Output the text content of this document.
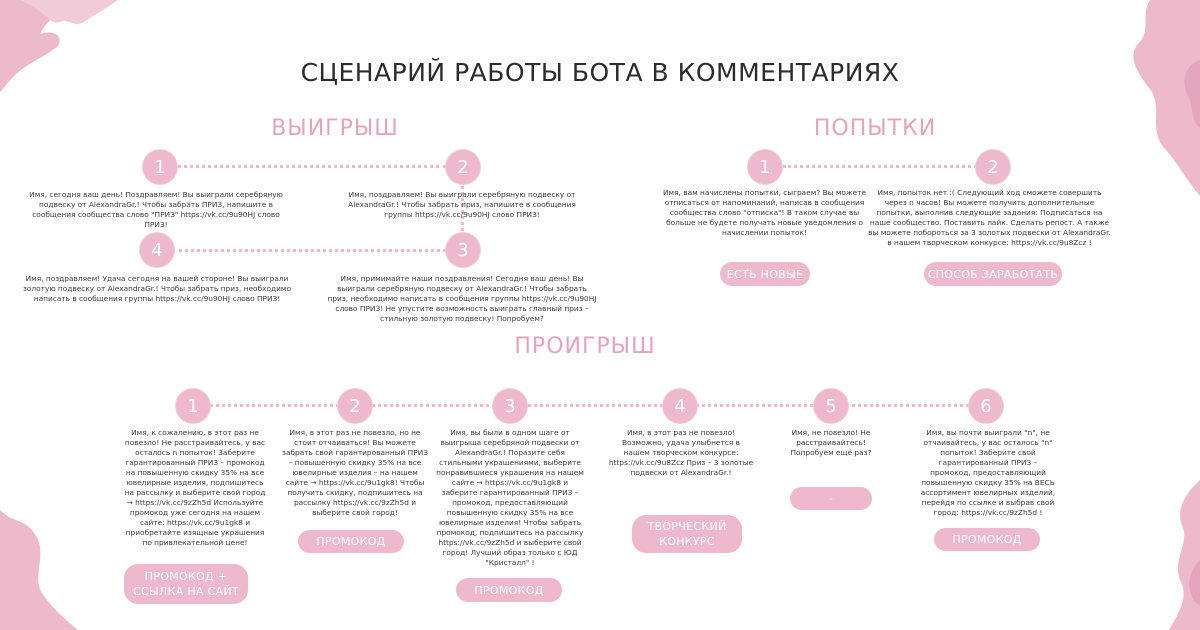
СЦЕНАРИЙ РАБОТЫ БОТА В КОММЕНТАРИЯХ
ВЫИГРЫШ
1	2
3
4
Имя, сегодня ваш день! Поздравляем! Вы выиграли серебряную подвеску от AlexandraGr.! Чтобы забрать ПРИЗ, напишите в сообщения сообщества слово "ПРИЗ" https://vk.cc/9u90HJ слово ПРИЗ!
Имя, поздравляем! Вы выиграли серебряную подвеску от AlexandraGr.! Чтобы забрать приз, напишите в сообщения группы https://vk.cc/9u90HJ слово ПРИЗ!
Имя, поздравляем! Удача сегодня на вашей стороне! Вы выиграли золотую подвеску от AlexandraGr.! Чтобы забрать приз, необходимо написать в сообщения группы https://vk.cc/9u90HJ слово ПРИЗ!
Имя, примимайте наши поздравления! Сегодня ваш день! Вы выиграли серебряную подвеску от AlexandraGr.! Чтобы забрать приз, необходимо написать в сообщения группы https://vk.cc/9u90HJ слово ПРИЗ! Не упустите возможность выиграть главный приз – стильную золотую подвеску! Попробуем?
ПОПЫТКИ
1	2
Имя, вам начислены попытки, сыграем? Вы можете отписаться от напоминаний, написав в сообщения сообщества слово "отписка"! В таком случае вы больше не будете получать новые уведомления о начислении попыток!
Имя, попыток нет :( Следующий ход сможете совершить через n часов! Вы можете получить дополнительные попытки, выполнив следующие задания: Подписаться на наше сообщество. Поставить лайк. Сделать репост. А также вы можете побороться за 3 золотых подвески от AlexandraGr. в нашем творческом конкурсе: https://vk.cc/9u8Zcz !
ЕСТЬ НОВЫЕ	СПОСОБ ЗАРАБОТАТЬ
ПРОИГРЫШ
1	2	3	4	5	6
Имя, к сожалению, в этот раз не повезло! Не расстраивайтесь, у вас осталось n попыток! Заберите гарантированный ПРИЗ – промокод на повышенную скидку 35% на все ювелирные изделия, подпишитесь на рассылку и выберите свой город → https://vk.cc/9zZh5d Используйте промокод уже сегодня на нашем сайте: https://vk.cc/9u1gk8 и приобретайте изящные украшения по привлекательной цене!
Имя, в этот раз не повезло, но не стоит отчаиваться! Вы можете забрать свой гарантированный ПРИЗ – повышенную скидку 35% на все ювелирные изделия – на нашем сайте → https://vk.cc/9u1gk8! Чтобы получить скидку, подпишитесь на рассылку https://vk.cc/9zZh5d и выберите свой город!
Имя, вы были в одном шаге от выигрыша серебряной подвески от AlexandraGr.! Поразите себя стильными украшениями, выберите понравившиеся украшения на нашем сайте → https://vk.cc/9u1gk8 и заберите гарантированный ПРИЗ – промокод, предоставляющий повышенную скидку 35% на все ювелирные изделия! Чтобы забрать промокод, подпишитесь на рассылку https://vk.cc/9zZh5d и выберите свой город! Лучший образ только с ЮД "Кристалл" !
Имя, в этот раз не повезло! Возможно, удача улыбнется в нашем творческом конкурсе: https://vk.cc/9u8Zcz Приз – 3 золотые подвески от AlexandraGr.!
Имя, не повезло! Не расстраивайтесь! Попробуем ещё раз?
Имя, вы почти выиграли "n", не отчаивайтесь, у вас осталось "n" попыток! Заберите свой гарантированный ПРИЗ – промокод, предоставляющий повышенную скидку 35% на ВЕСЬ ассортимент ювелирных изделий, перейдя по ссылке и выбрав свой город: https://vk.cc/9zZh5d !
ПРОМОКОД + ССЫЛКА НА САЙТ
ПРОМОКОД
ПРОМОКОД
ТВОРЧЕСКИЙ КОНКУРС
-
ПРОМОКОД
